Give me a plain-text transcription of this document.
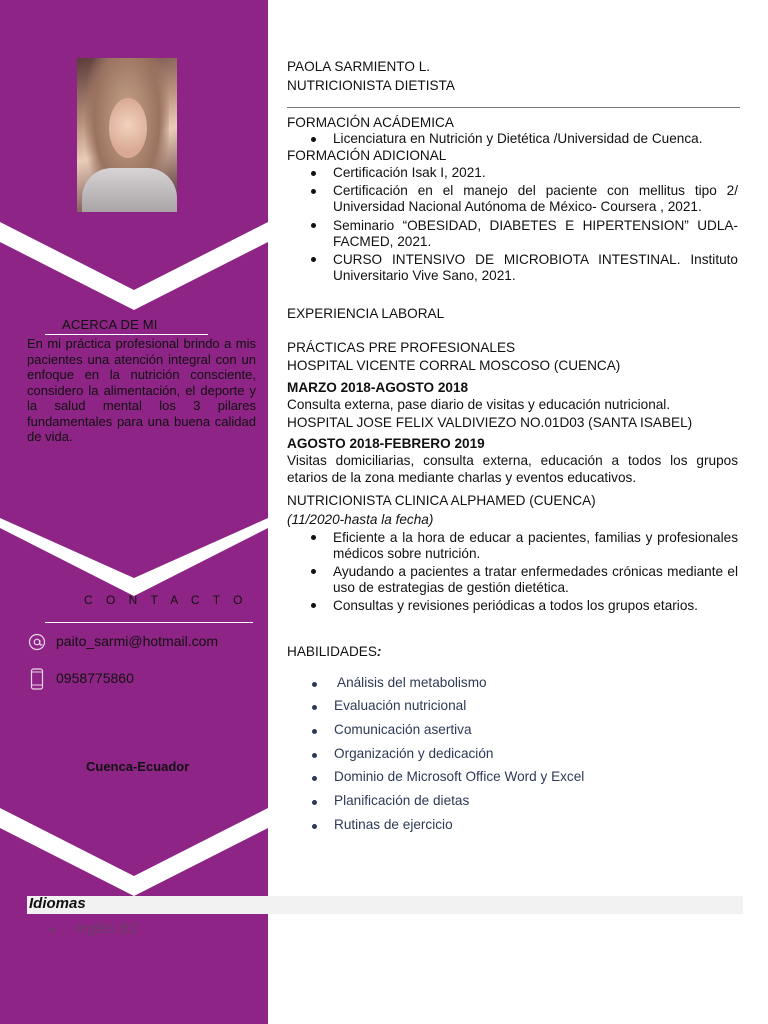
ACERCA DE MI
En mi práctica profesional brindo a mis pacientes una atención integral con un enfoque en la nutrición consciente, considero la alimentación, el deporte y la salud mental los 3 pilares fundamentales para una buena calidad de vida.
C O N T A C T O
paito_sarmi@hotmail.com
0958775860
Cuenca-Ecuador
Idiomas
Inglés B1
PAOLA SARMIENTO L.
NUTRICIONISTA DIETISTA
FORMACIÓN ACÁDEMICA
Licenciatura en Nutrición y Dietética /Universidad de Cuenca.
FORMACIÓN ADICIONAL
Certificación Isak I, 2021.
Certificación en el manejo del paciente con mellitus tipo 2/ Universidad Nacional Autónoma de México- Coursera , 2021.
Seminario “OBESIDAD, DIABETES E HIPERTENSION” UDLA-FACMED, 2021.
CURSO INTENSIVO DE MICROBIOTA INTESTINAL. Instituto Universitario Vive Sano, 2021.
EXPERIENCIA LABORAL
PRÁCTICAS PRE PROFESIONALES
HOSPITAL VICENTE CORRAL MOSCOSO (CUENCA)
MARZO 2018-AGOSTO 2018
Consulta externa, pase diario de visitas y educación nutricional.
HOSPITAL JOSE FELIX VALDIVIEZO NO.01D03 (SANTA ISABEL)
AGOSTO 2018-FEBRERO 2019
Visitas domiciliarias, consulta externa, educación a todos los grupos etarios de la zona mediante charlas y eventos educativos.
NUTRICIONISTA CLINICA ALPHAMED (CUENCA)
(11/2020-hasta la fecha)
Eficiente a la hora de educar a pacientes, familias y profesionales médicos sobre nutrición.
Ayudando a pacientes a tratar enfermedades crónicas mediante el uso de estrategias de gestión dietética.
Consultas y revisiones periódicas a todos los grupos etarios.
HABILIDADES:
Análisis del metabolismo
Evaluación nutricional
Comunicación asertiva
Organización y dedicación
Dominio de Microsoft Office Word y Excel
Planificación de dietas
Rutinas de ejercicio
